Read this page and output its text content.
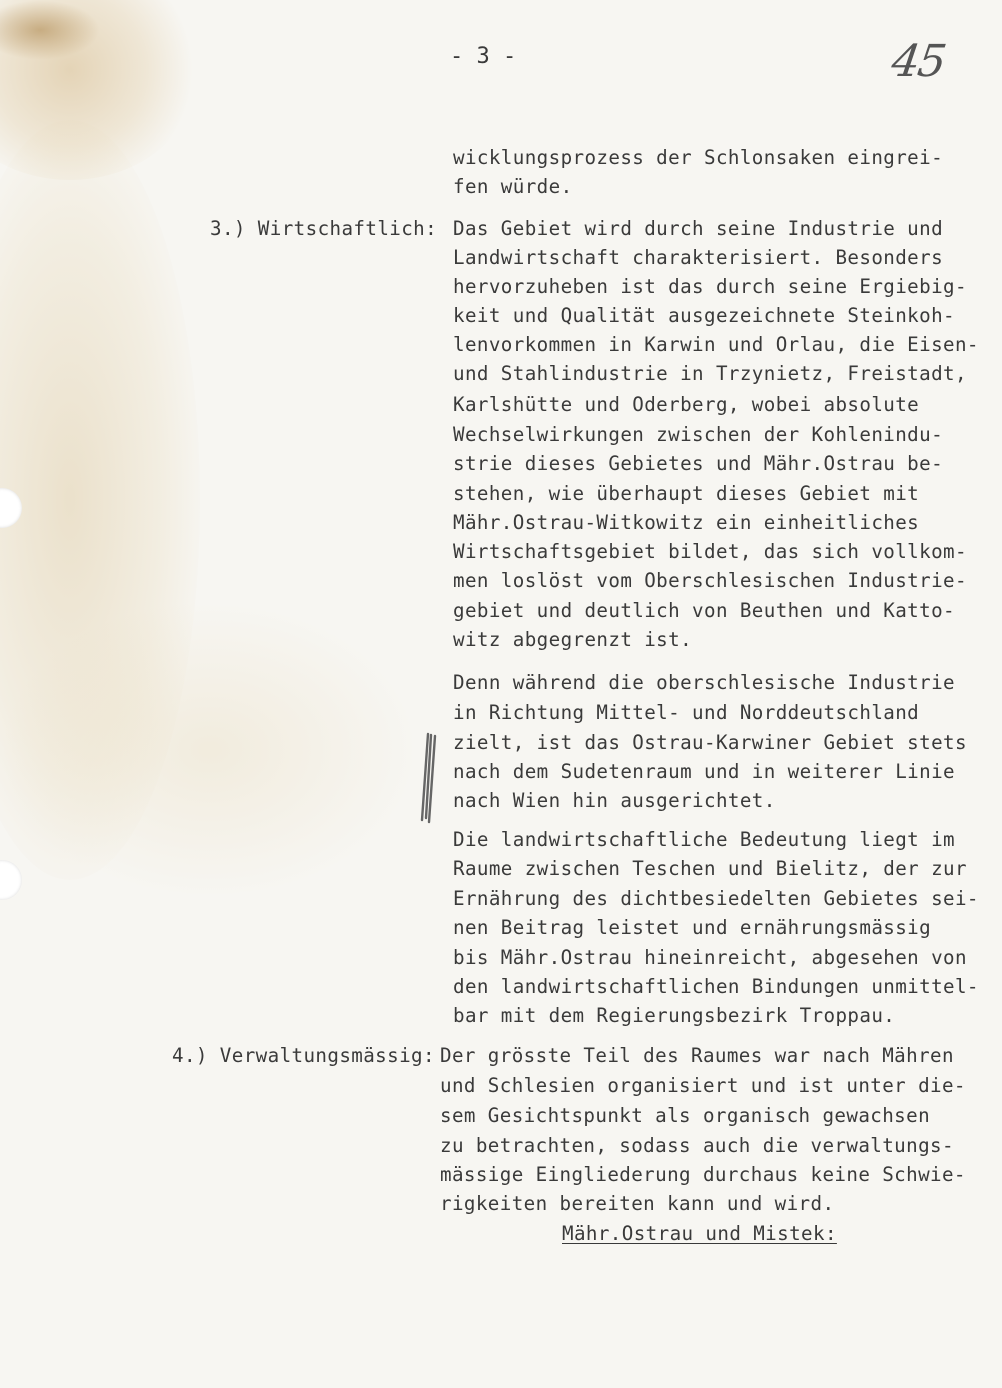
- 3 -	45
wicklungsprozess der Schlonsaken eingrei-
fen würde.
3.) Wirtschaftlich: Das Gebiet wird durch seine Industrie und
Landwirtschaft charakterisiert. Besonders
hervorzuheben ist das durch seine Ergiebig-
keit und Qualität ausgezeichnete Steinkoh-
lenvorkommen in Karwin und Orlau, die Eisen-
und Stahlindustrie in Trzynietz, Freistadt,
Karlshütte und Oderberg, wobei absolute
Wechselwirkungen zwischen der Kohlenindu-
strie dieses Gebietes und Mähr.Ostrau be-
stehen, wie überhaupt dieses Gebiet mit
Mähr.Ostrau-Witkowitz ein einheitliches
Wirtschaftsgebiet bildet, das sich vollkom-
men loslöst vom Oberschlesischen Industrie-
gebiet und deutlich von Beuthen und Katto-
witz abgegrenzt ist.
Denn während die oberschlesische Industrie
in Richtung Mittel- und Norddeutschland
zielt, ist das Ostrau-Karwiner Gebiet stets
nach dem Sudetenraum und in weiterer Linie
nach Wien hin ausgerichtet.
Die landwirtschaftliche Bedeutung liegt im
Raume zwischen Teschen und Bielitz, der zur
Ernährung des dichtbesiedelten Gebietes sei-
nen Beitrag leistet und ernährungsmässig
bis Mähr.Ostrau hineinreicht, abgesehen von
den landwirtschaftlichen Bindungen unmittel-
bar mit dem Regierungsbezirk Troppau.
4.) Verwaltungsmässig: Der grösste Teil des Raumes war nach Mähren
und Schlesien organisiert und ist unter die-
sem Gesichtspunkt als organisch gewachsen
zu betrachten, sodass auch die verwaltungs-
mässige Eingliederung durchaus keine Schwie-
rigkeiten bereiten kann und wird.
Mähr.Ostrau und Mistek:
